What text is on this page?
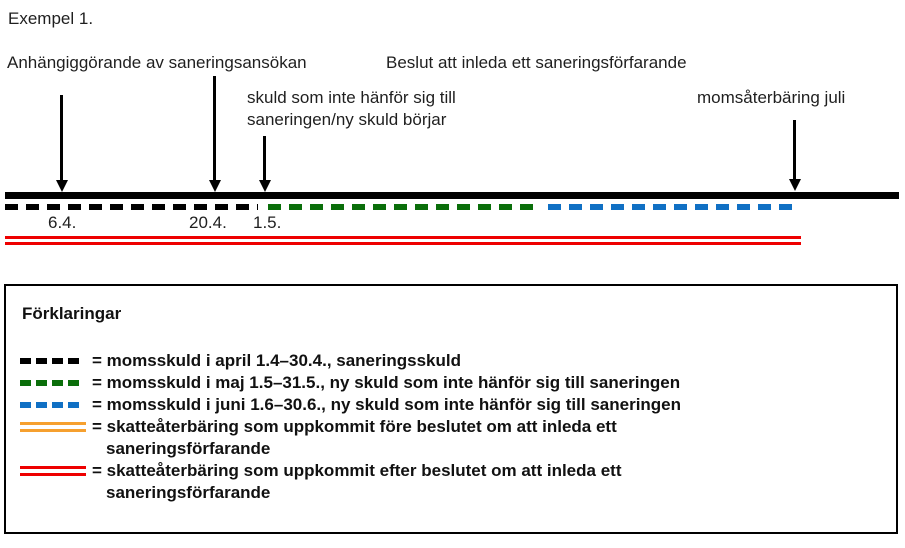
Exempel 1.
Anhängiggörande av saneringsansökan	Beslut att inleda ett saneringsförfarande
skuld som inte hänför sig till
saneringen/ny skuld börjar
momsåterbäring juli
6.4.	20.4. 1.5.
Förklaringar
= momsskuld i april 1.4–30.4., saneringsskuld
= momsskuld i maj 1.5–31.5., ny skuld som inte hänför sig till saneringen
= momsskuld i juni 1.6–30.6., ny skuld som inte hänför sig till saneringen
= skatteåterbäring som uppkommit före beslutet om att inleda ett
saneringsförfarande
= skatteåterbäring som uppkommit efter beslutet om att inleda ett
saneringsförfarande
